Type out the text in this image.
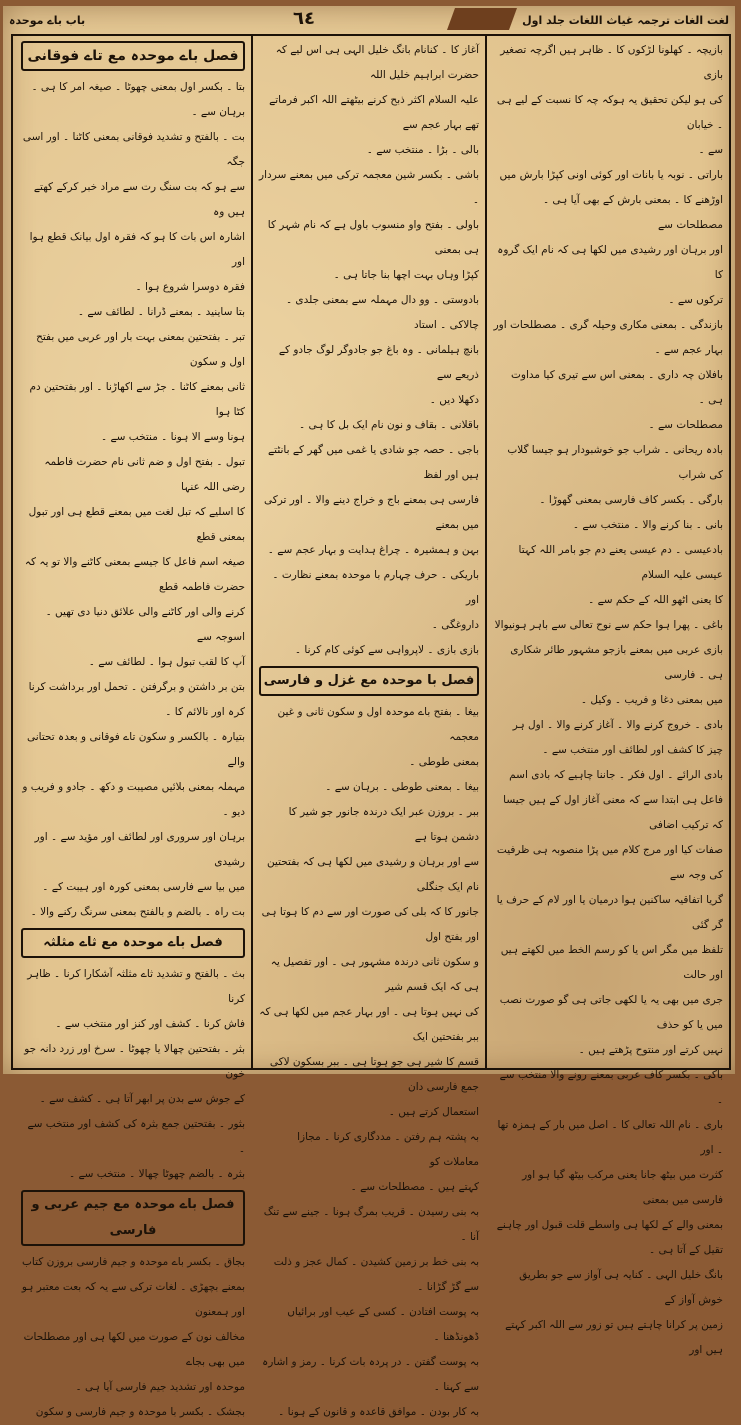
لغت الغات ترجمہ غیاث اللغات جلد اول
٦٤
باب باے موحدہ

بازیچہ ۔ کھلونا لڑکوں کا ۔ ظاہر ہیں اگرچہ تصغیر بازی

کی ہو لیکن تحقیق یہ ہوکہ چہ کا نسبت کے لیے ہی ۔ خیابان

سے ۔

باراتی ۔ نوبہ یا بانات اور کوئی اونی کپڑا بارش میں

اوڑھنے کا ۔ بمعنی بارش کے بھی آیا ہی ۔ مصطلحات سے

اور برہان اور رشیدی میں لکھا ہی کہ نام ایک گروہ کا

ترکوں سے ۔

بازندگی ۔ بمعنی مکاری وحیلہ گری ۔ مصطلحات اور

بہار عجم سے ۔

بافلان چہ داری ۔ بمعنی اس سے تیری کیا مداوت ہی ۔

مصطلحات سے ۔

بادہ ریحانی ۔ شراب جو خوشبودار ہو جیسا گلاب کی شراب

بارگی ۔ بکسر کاف فارسی بمعنی گھوڑا ۔

بانی ۔ بنا کرنے والا ۔ منتخب سے ۔

بادعیسی ۔ دم عیسی یعنے دم جو بامر اللہ کہتا عیسی علیہ السلام

کا یعنی اٹھو اللہ کے حکم سے ۔

باغی ۔ پھرا ہوا حکم سے نوح تعالی سے باہر ہونیوالا

بازی عربی میں بمعنے بازجو مشہور طائر شکاری ہی ۔ فارسی

میں بمعنی دغا و فریب ۔ وکیل ۔

بادی ۔ خروج کرنے والا ۔ آغاز کرنے والا ۔ اول ہر

چیز کا کشف اور لطائف اور منتخب سے ۔

بادی الرائے ۔ اول فکر ۔ جاننا چاہیے کہ بادی اسم

فاعل ہی ابتدا سے کہ معنی آغاز اول کے ہیں جیسا کہ ترکیب اضافی

صفات کیا اور مرج کلام میں پڑا منصوبہ ہی ظرفیت کی وجہ سے

گریا اتفاقیہ ساکنین ہوا درمیان یا اور لام کے حرف یا گر گئی

تلفظ میں مگر اس یا کو رسم الخط میں لکھتے ہیں اور حالت

جری میں بھی یہ یا لکھی جاتی ہی گو صورت نصب میں یا کو حذف

نہیں کرتے اور منتوح پڑھتے ہیں ۔

باکی ۔ بکسر کاف عربی بمعنے رونے والا منتخب سے ۔

باری ۔ نام اللہ تعالی کا ۔ اصل میں بار کے ہمزہ تھا ۔ اور

کثرت میں بیٹھ جانا یعنی مرکب بیٹھ گیا ہو اور فارسی میں بمعنی

بمعنی والے کے لکھا ہی واسطے قلت قبول اور چاہنے

تقیل کے آتا ہی ۔

بانگ خلیل الہی ۔ کنایہ ہی آواز سے جو بطریق خوش آواز کے

زمین پر کرانا چاہتے ہیں تو زور سے اللہ اکبر کہتے ہیں اور

آغاز کا ۔ کنانام بانگ خلیل الہی ہی اس لیے کہ حضرت ابراہیم خلیل اللہ

علیہ السلام اکثر ذبح کرنے بیٹھتے اللہ اکبر فرماتے تھے بہار عجم سے

بالی ۔ بڑا ۔ منتخب سے ۔

باشی ۔ بکسر شین معجمہ ترکی میں بمعنے سردار ۔

باولی ۔ بفتح واو منسوب باول ہے کہ نام شہر کا ہی بمعنی

کپڑا وہاں بہت اچھا بنا جاتا ہی ۔

بادوستی ۔ وو دال مہملہ سے بمعنی جلدی ۔ چالاکی ۔ استاد

بانچ ہیلمانی ۔ وہ باغ جو جادوگر لوگ جادو کے ذریعے سے

دکھلا دیں ۔

باقلانی ۔ بقاف و نون نام ایک بل کا ہی ۔

باجی ۔ حصہ جو شادی یا غمی میں گھر کے بانٹتے ہیں اور لفظ

فارسی ہی بمعنے باج و خراج دینے والا ۔ اور ترکی میں بمعنے

بہن و ہمشیرہ ۔ چراغ ہدایت و بہار عجم سے ۔

باریکی ۔ حرف چہارم با موحدہ بمعنے نظارت ۔ اور

داروغگی ۔

بازی بازی ۔ لاپرواہی سے کوئی کام کرنا ۔

فصل با موحدہ مع غزل و فارسی

بیغا ۔ بفتح باے موحدہ اول و سکون ثانی و غین معجمہ

بمعنی طوطی ۔

بیغا ۔ بمعنی طوطی ۔ برہان سے ۔

ببر ۔ بروزن عبر ایک درندہ جانور جو شیر کا دشمن ہوتا ہے

سے اور برہان و رشیدی میں لکھا ہی کہ بفتحتین نام ایک جنگلی

جانور کا کہ بلی کی صورت اور سے دم کا ہوتا ہی اور بفتح اول

و سکون ثانی درندہ مشہور ہی ۔ اور تفصیل یہ ہی کہ ایک قسم شیر

کی نہیں ہوتا ہی ۔ اور بہار عجم میں لکھا ہی کہ ببر بفتحتین ایک

قسم کا شیر ہی جو ہوتا ہی ۔ ببر بسکون لاکی جمع فارسی دان

استعمال کرتے ہیں ۔

بہ پشتہ ہم رفتن ۔ مددگاری کرنا ۔ مجازا معاملات کو

کہتے ہیں ۔ مصطلحات سے ۔

بہ بنی رسیدن ۔ قریب بمرگ ہونا ۔ جینے سے تنگ آنا ۔

بہ بنی خط بر زمین کشیدن ۔ کمال عجز و ذلت سے گڑ گڑانا ۔

بہ پوست افتادن ۔ کسی کے عیب اور برائیاں ڈھونڈھنا ۔

بہ پوست گفتن ۔ در پردہ بات کرنا ۔ رمز و اشارہ

سے کہنا ۔

بہ کار بودن ۔ موافق قاعدہ و قانون کے ہونا ۔

فصل باے موحدہ مع تاے فوقانی

بتا ۔ بکسر اول بمعنی چھوٹا ۔ صیغہ امر کا ہی ۔ برہان سے ۔

بت ۔ بالفتح و تشدید فوقانی بمعنی کاٹنا ۔ اور اسی جگہ

سے ہو کہ بت سنگ رت سے مراد خبر کرکے کھتے ہیں وہ

اشارہ اس بات کا ہو کہ فقرہ اول بیانک قطع ہوا اور

فقرہ دوسرا شروع ہوا ۔

بتا ساینید ۔ بمعنے ڈرانا ۔ لطائف سے ۔

تبر ۔ بفتحتین بمعنی بہت بار اور عربی میں بفتح اول و سکون

ثانی بمعنے کاٹنا ۔ جڑ سے اکھاڑنا ۔ اور بفتحتین دم کٹا ہوا

ہونا وسے الا ہونا ۔ منتخب سے ۔

تبول ۔ بفتح اول و ضم ثانی نام حضرت فاطمہ رضی اللہ عنہا

کا اسلیے کہ تبل لغت میں بمعنے قطع ہی اور تبول بمعنی قطع

صیغہ اسم فاعل کا جیسے بمعنی کاٹنے والا تو یہ کہ حضرت فاطمہ قطع

کرنے والی اور کاٹنے والی علائق دنیا دی تھیں ۔ اسوجہ سے

آپ کا لقب تبول ہوا ۔ لطائف سے ۔

بتن بر داشتن و برگرفتن ۔ تحمل اور برداشت کرنا

کرہ اور نالائم کا ۔

بتیارہ ۔ بالکسر و سکون تاے فوقانی و بعدہ تحتانی والے

مہملہ بمعنی بلائیں مصیبت و دکھ ۔ جادو و فریب و دیو ۔

برہان اور سروری اور لطائف اور مؤید سے ۔ اور رشیدی

میں بیا سے فارسی بمعنی کورہ اور ہیبت کے ۔

بت راہ ۔ بالضم و بالفتح بمعنی سرنگ رکنے والا ۔

فصل باے موحدہ مع ثاے مثلثہ

بث ۔ بالفتح و تشدید ثاے مثلثہ آشکارا کرنا ۔ ظاہر کرنا

فاش کرنا ۔ کشف اور کنز اور منتخب سے ۔

بثر ۔ بفتحتین چھالا یا چھوٹا ۔ سرخ اور زرد دانہ جو خون

کے جوش سے بدن پر ابھر آتا ہی ۔ کشف سے ۔

بثور ۔ بفتحتین جمع بثرہ کی کشف اور منتخب سے ۔

بثرہ ۔ بالضم چھوٹا چھالا ۔ منتخب سے ۔

فصل باے موحدہ مع جیم عربی و فارسی

بجاق ۔ بکسر باے موحدہ و جیم فارسی بروزن کتاب

بمعنے بچھڑی ۔ لغات ترکی سے یہ کہ بعت معتبر ہو اور ہمعنون

مخالف نون کے صورت میں لکھا ہی اور مصطلحات میں بھی بجاے

موحدہ اور تشدید جیم فارسی آیا ہی ۔

بجشک ۔ بکسر با موحدہ و جیم فارسی و سکون
